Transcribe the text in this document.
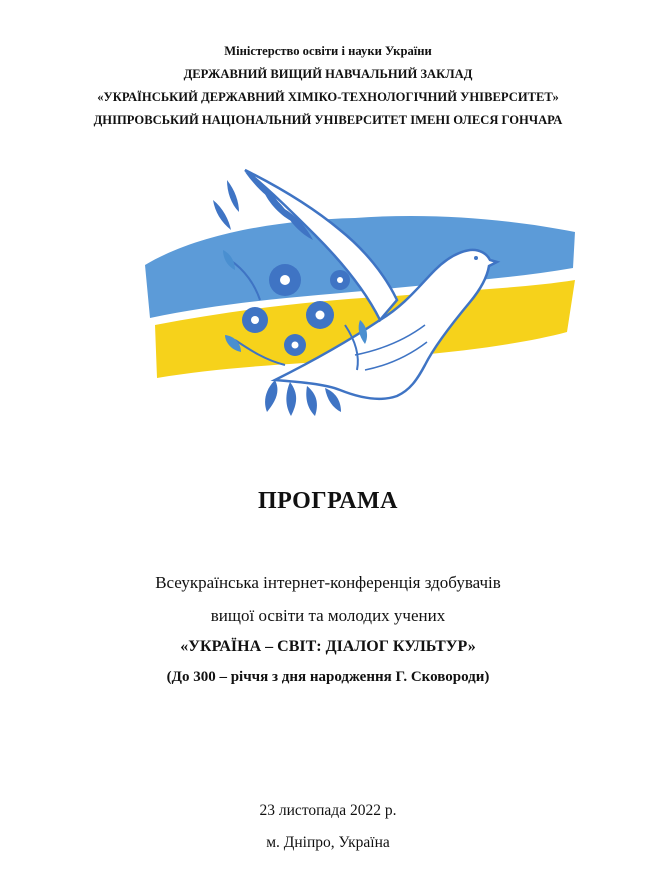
Міністерство освіти і науки України
ДЕРЖАВНИЙ ВИЩИЙ НАВЧАЛЬНИЙ ЗАКЛАД
«УКРАЇНСЬКИЙ ДЕРЖАВНИЙ ХІМІКО-ТЕХНОЛОГІЧНИЙ УНІВЕРСИТЕТ»
ДНІПРОВСЬКИЙ НАЦІОНАЛЬНИЙ УНІВЕРСИТЕТ ІМЕНІ ОЛЕСЯ ГОНЧАРА
ПРОГРАМА
Всеукраїнська інтернет-конференція здобувачів
вищої освіти та молодих учених
«УКРАЇНА – СВІТ: ДІАЛОГ КУЛЬТУР»
(До 300 – річчя з дня народження Г. Сковороди)
23 листопада 2022 р.
м. Дніпро, Україна
